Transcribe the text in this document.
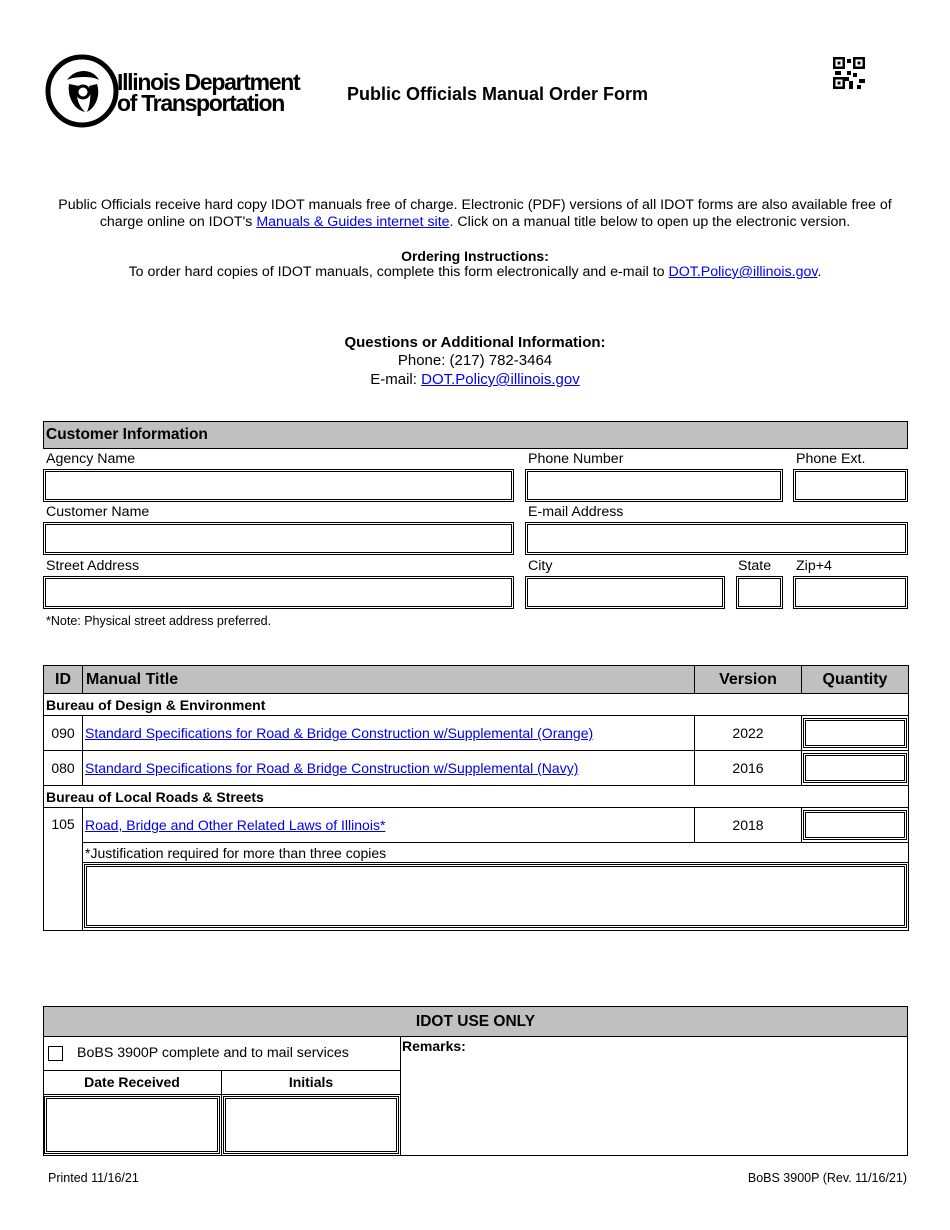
Illinois Department
of Transportation	Public Officials Manual Order Form
Public Officials receive hard copy IDOT manuals free of charge. Electronic (PDF) versions of all IDOT forms are also available free of charge online on IDOT's Manuals & Guides internet site. Click on a manual title below to open up the electronic version.
Ordering Instructions:
To order hard copies of IDOT manuals, complete this form electronically and e-mail to DOT.Policy@illinois.gov.
Questions or Additional Information:
Phone: (217) 782-3464
E-mail: DOT.Policy@illinois.gov
Customer Information
Agency Name	Phone Number	Phone Ext.
Customer Name	E-mail Address
Street Address	City	State Zip+4
*Note: Physical street address preferred.
ID	Manual Title	Version	Quantity
Bureau of Design & Environment			
090	Standard Specifications for Road & Bridge Construction w/Supplemental (Orange)	2022	

080	Standard Specifications for Road & Bridge Construction w/Supplemental (Navy)	2016	

Bureau of Local Roads & Streets			
105	Road, Bridge and Other Related Laws of Illinois*	2018	

	*Justification required for more than three copies		

IDOT USE ONLY
BoBS 3900P complete and to mail services	Remarks:
Date Received	Initials
Printed 11/16/21	BoBS 3900P (Rev. 11/16/21)
